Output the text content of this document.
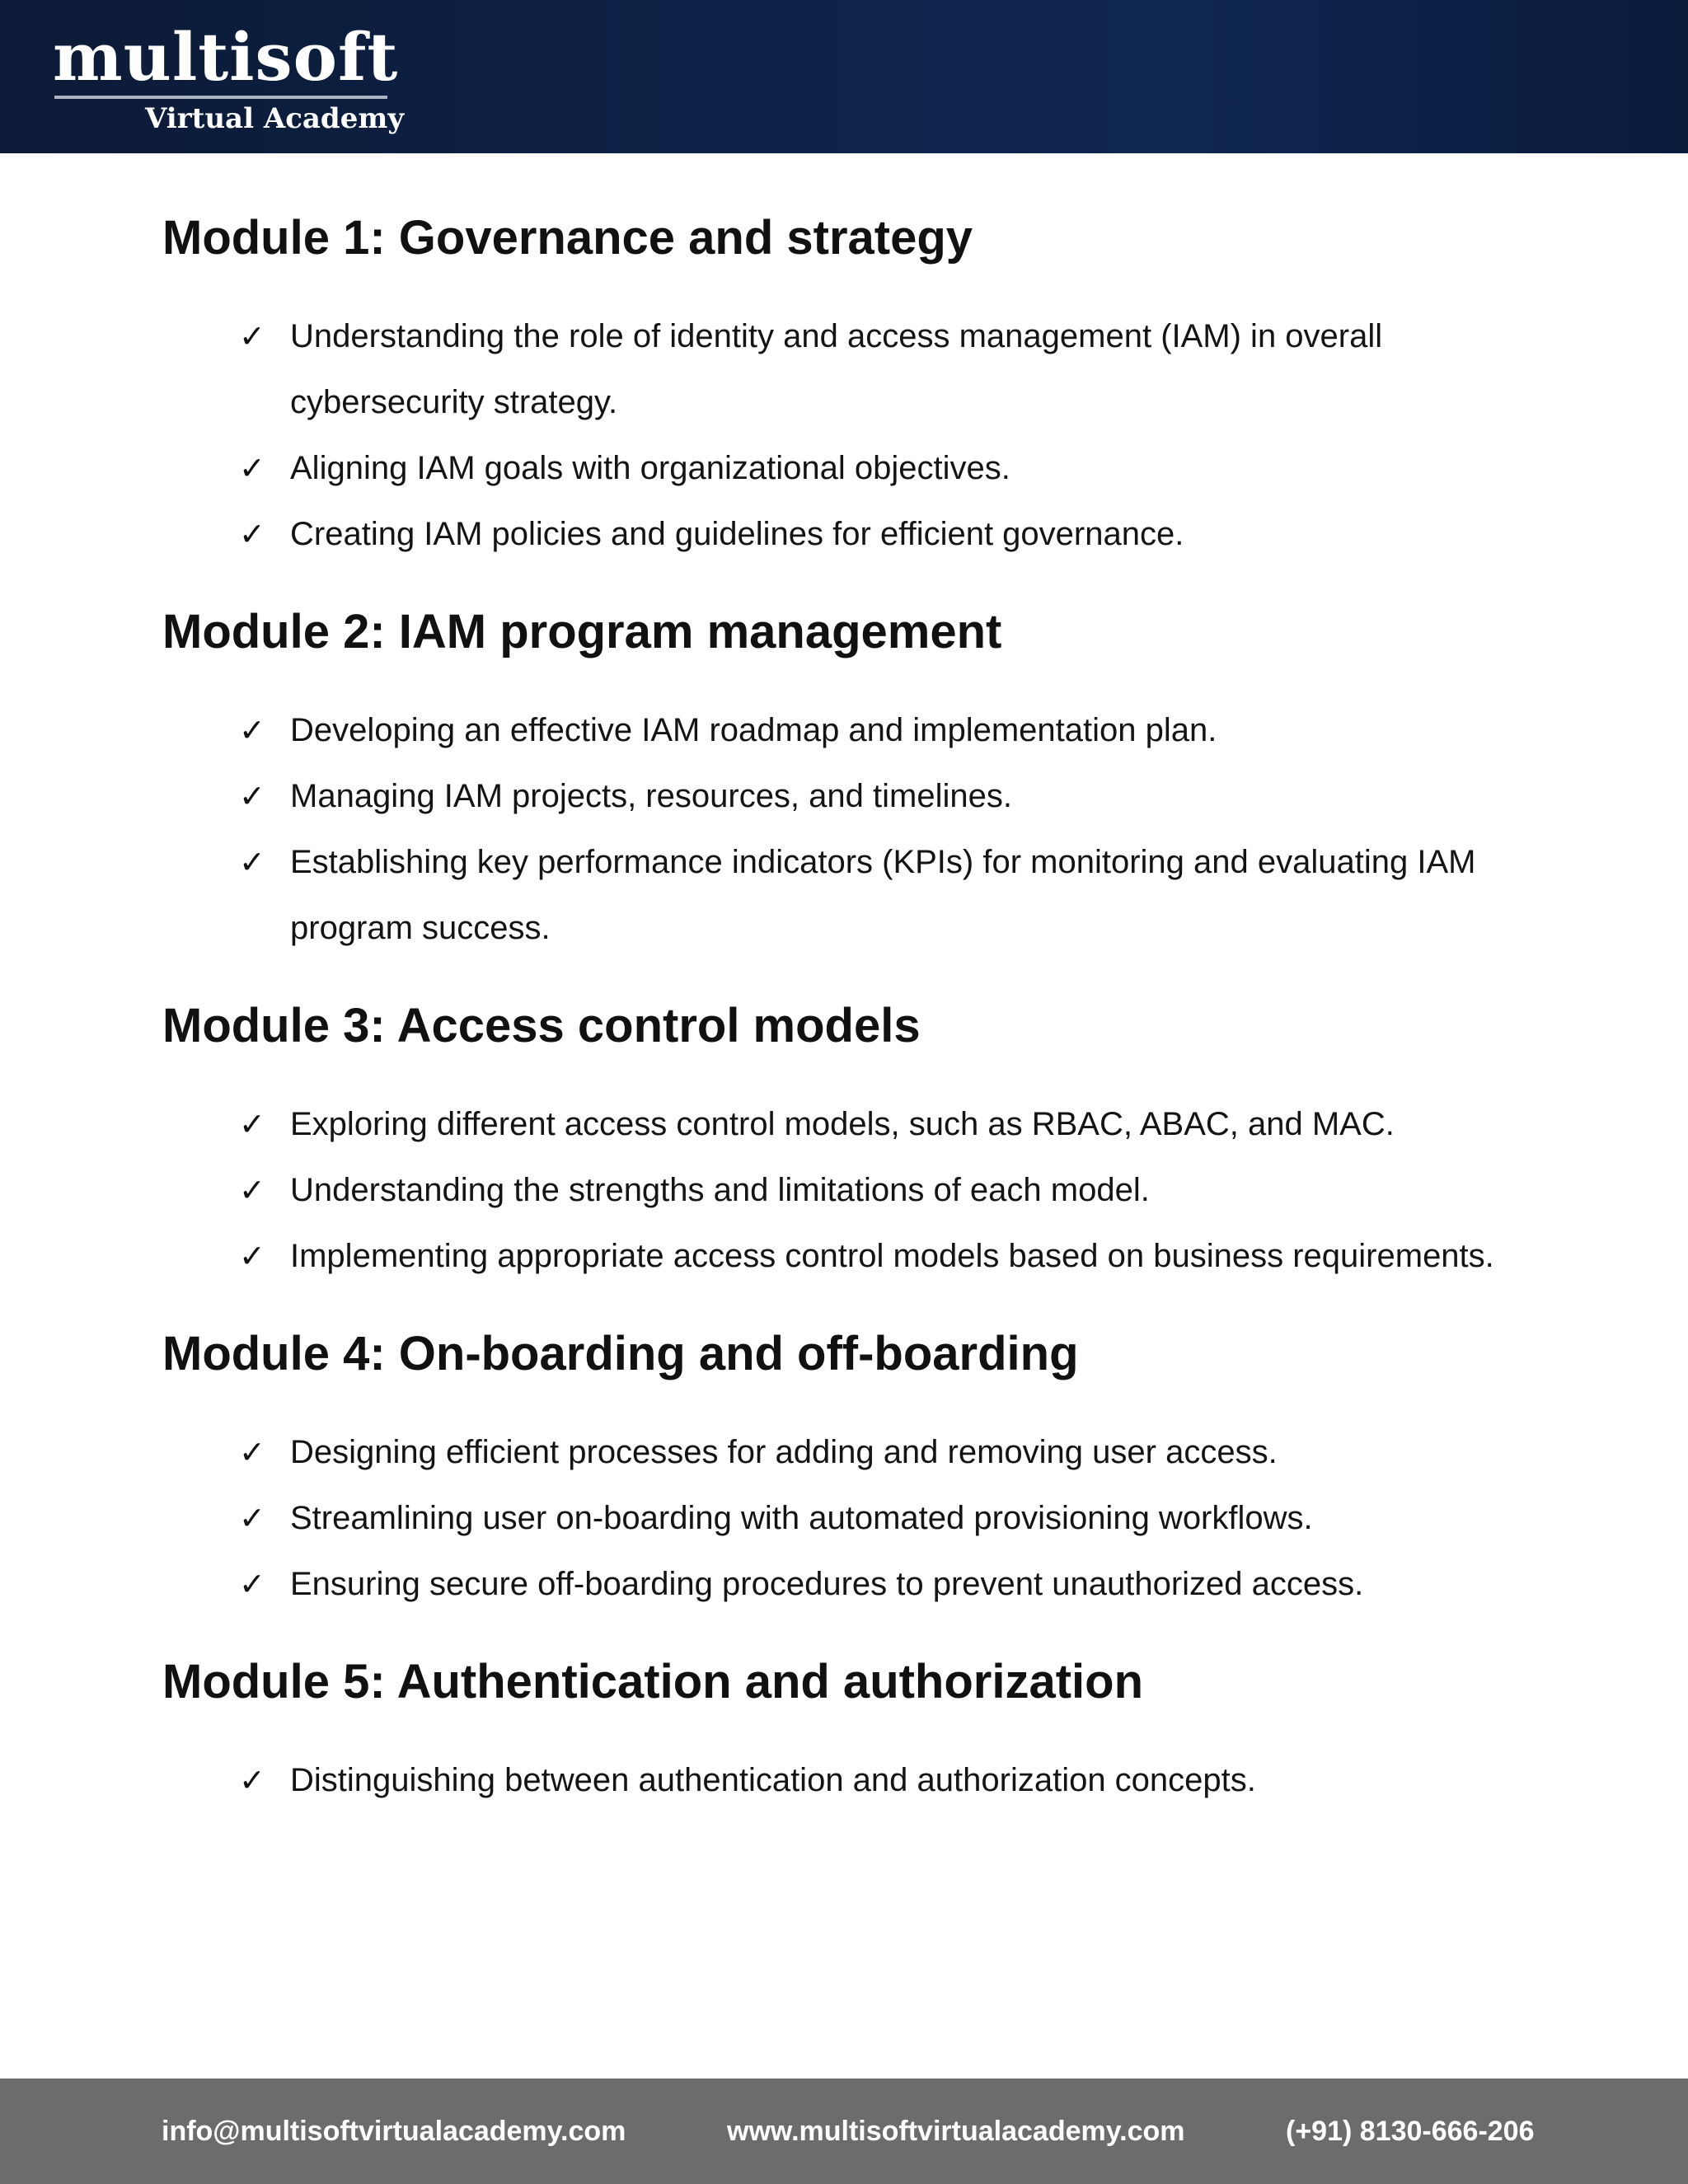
multisoft
Virtual Academy
Module 1: Governance and strategy
✓ Understanding the role of identity and access management (IAM) in overall cybersecurity strategy.
✓ Aligning IAM goals with organizational objectives.
✓ Creating IAM policies and guidelines for efficient governance.
Module 2: IAM program management
✓ Developing an effective IAM roadmap and implementation plan.
✓ Managing IAM projects, resources, and timelines.
✓ Establishing key performance indicators (KPIs) for monitoring and evaluating IAM program success.
Module 3: Access control models
✓ Exploring different access control models, such as RBAC, ABAC, and MAC.
✓ Understanding the strengths and limitations of each model.
✓ Implementing appropriate access control models based on business requirements.
Module 4: On-boarding and off-boarding
✓ Designing efficient processes for adding and removing user access.
✓ Streamlining user on-boarding with automated provisioning workflows.
✓ Ensuring secure off-boarding procedures to prevent unauthorized access.
Module 5: Authentication and authorization
✓ Distinguishing between authentication and authorization concepts.
info@multisoftvirtualacademy.com	www.multisoftvirtualacademy.com	(+91) 8130-666-206
